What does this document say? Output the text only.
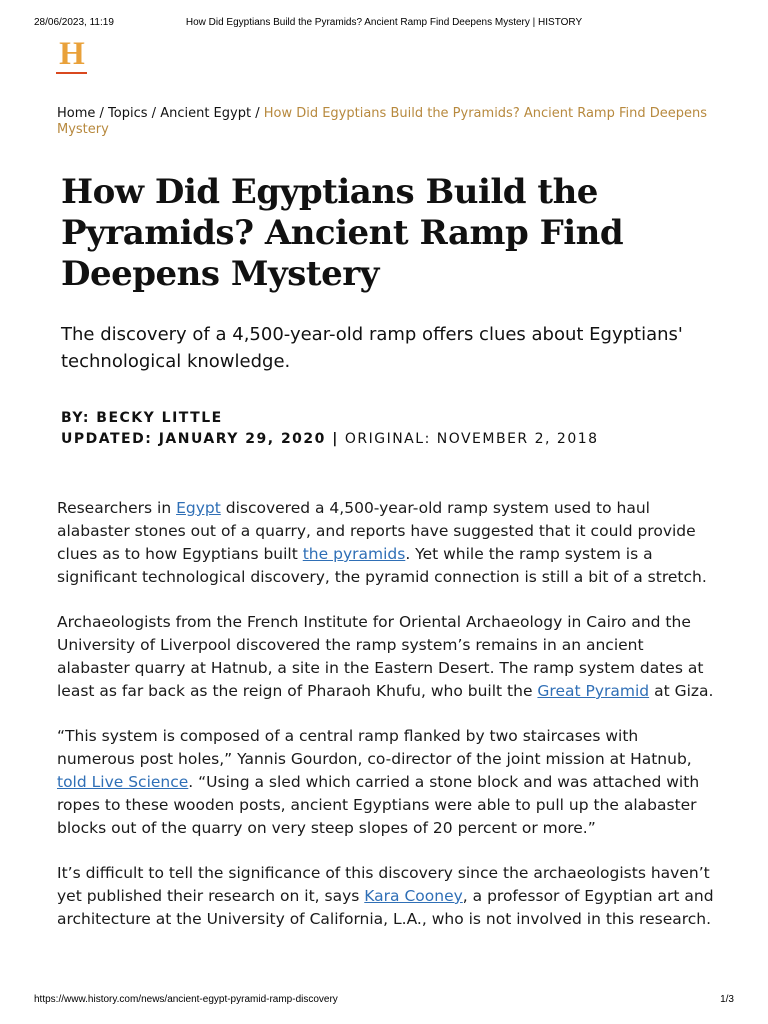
28/06/2023, 11:19	How Did Egyptians Build the Pyramids? Ancient Ramp Find Deepens Mystery | HISTORY
H
Home / Topics / Ancient Egypt / How Did Egyptians Build the Pyramids? Ancient Ramp Find Deepens Mystery
How Did Egyptians Build the Pyramids? Ancient Ramp Find Deepens Mystery

The discovery of a 4,500-year-old ramp offers clues about Egyptians' technological knowledge.

BY: BECKY LITTLE
UPDATED: JANUARY 29, 2020 | ORIGINAL: NOVEMBER 2, 2018

Researchers in Egypt discovered a 4,500-year-old ramp system used to haul alabaster stones out of a quarry, and reports have suggested that it could provide clues as to how Egyptians built the pyramids. Yet while the ramp system is a significant technological discovery, the pyramid connection is still a bit of a stretch.

Archaeologists from the French Institute for Oriental Archaeology in Cairo and the University of Liverpool discovered the ramp system’s remains in an ancient alabaster quarry at Hatnub, a site in the Eastern Desert. The ramp system dates at least as far back as the reign of Pharaoh Khufu, who built the Great Pyramid at Giza.

“This system is composed of a central ramp flanked by two staircases with numerous post holes,” Yannis Gourdon, co-director of the joint mission at Hatnub, told Live Science. “Using a sled which carried a stone block and was attached with ropes to these wooden posts, ancient Egyptians were able to pull up the alabaster blocks out of the quarry on very steep slopes of 20 percent or more.”

It’s difficult to tell the significance of this discovery since the archaeologists haven’t yet published their research on it, says Kara Cooney, a professor of Egyptian art and architecture at the University of California, L.A., who is not involved in this research.

https://www.history.com/news/ancient-egypt-pyramid-ramp-discovery	1/3
